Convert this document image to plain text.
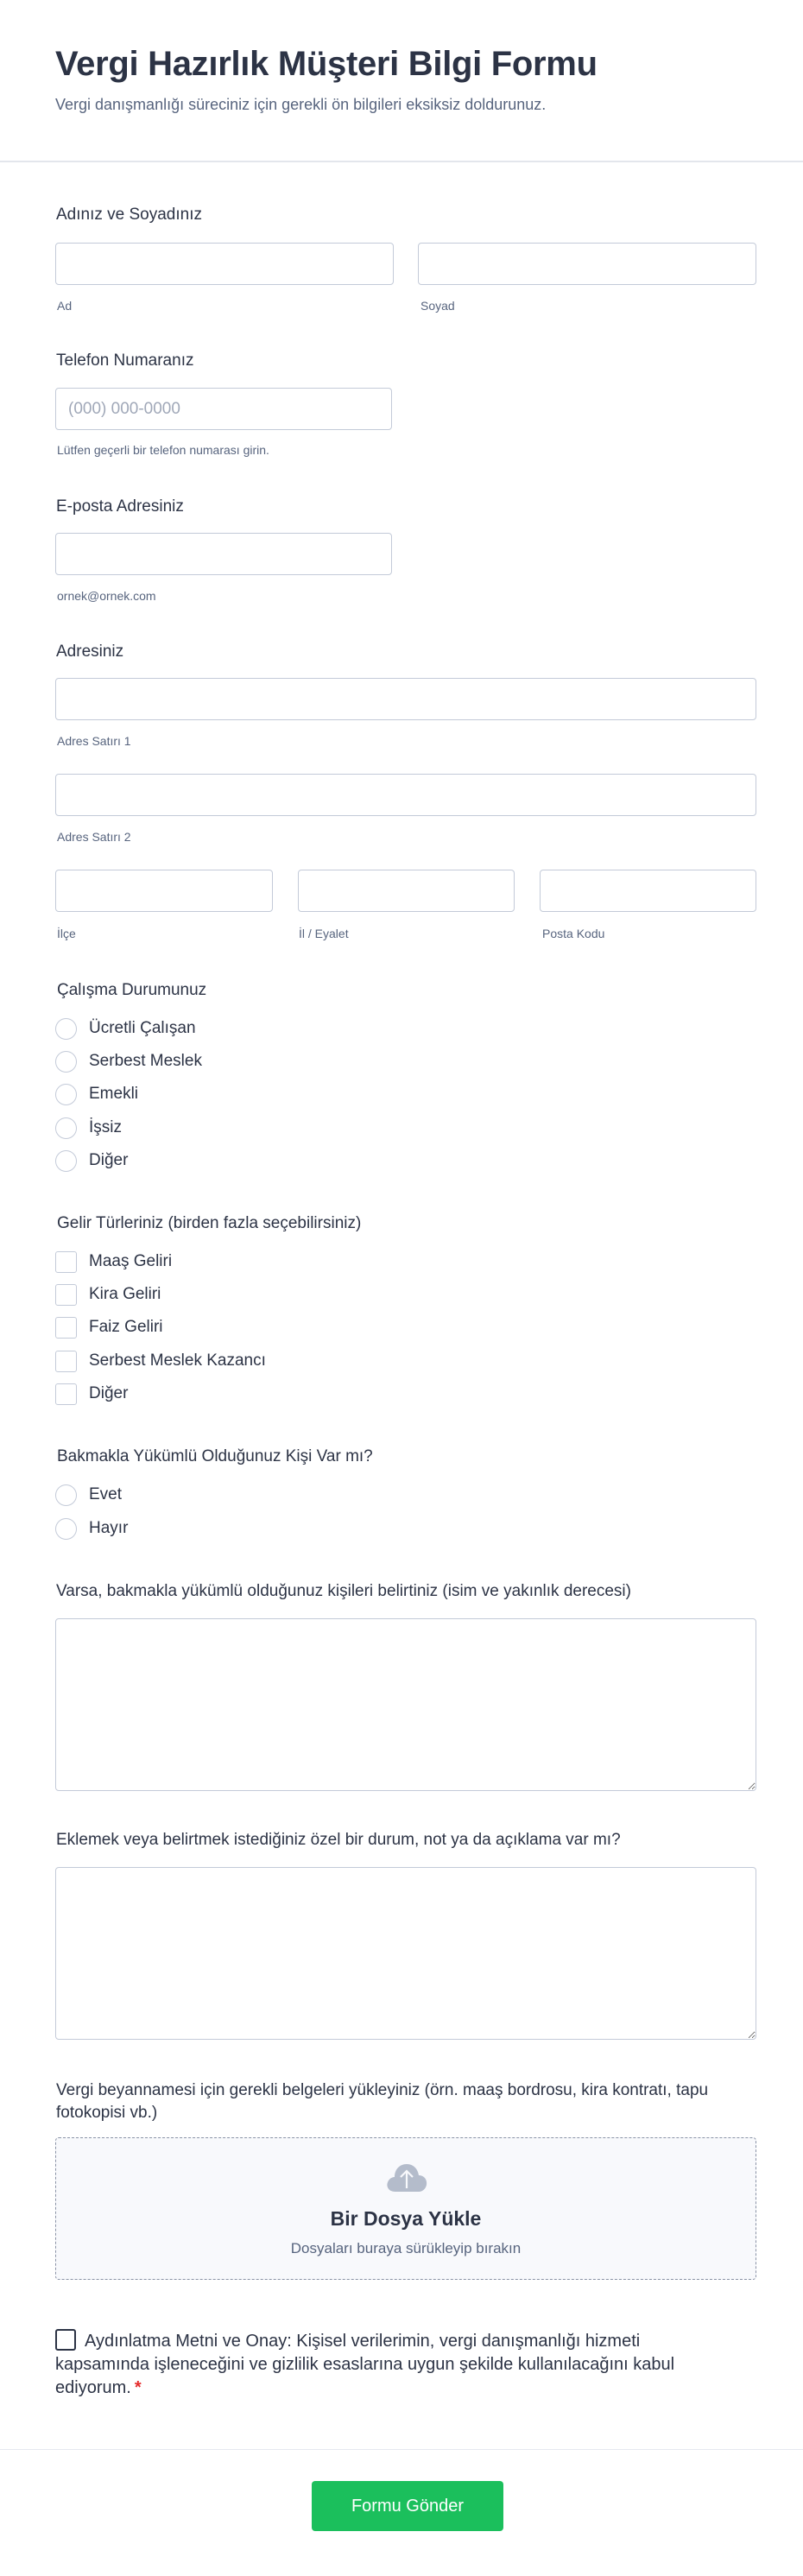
Vergi Hazırlık Müşteri Bilgi Formu

Vergi danışmanlığı süreciniz için gerekli ön bilgileri eksiksiz doldurunuz.

Adınız ve Soyadınız
Ad	Soyad
Telefon Numaranız
(000) 000-0000
Lütfen geçerli bir telefon numarası girin.
E-posta Adresiniz
ornek@ornek.com
Adresiniz
Adres Satırı 1
Adres Satırı 2
İlçe	İl / Eyalet	Posta Kodu
Çalışma Durumunuz
Ücretli Çalışan
Serbest Meslek
Emekli
İşsiz
Diğer
Gelir Türleriniz (birden fazla seçebilirsiniz)
Maaş Geliri
Kira Geliri
Faiz Geliri
Serbest Meslek Kazancı
Diğer
Bakmakla Yükümlü Olduğunuz Kişi Var mı?
Evet
Hayır
Varsa, bakmakla yükümlü olduğunuz kişileri belirtiniz (isim ve yakınlık derecesi)
Eklemek veya belirtmek istediğiniz özel bir durum, not ya da açıklama var mı?
Vergi beyannamesi için gerekli belgeleri yükleyiniz (örn. maaş bordrosu, kira kontratı, tapu fotokopisi vb.)
Bir Dosya Yükle
Dosyaları buraya sürükleyip bırakın
Aydınlatma Metni ve Onay: Kişisel verilerimin, vergi danışmanlığı hizmeti kapsamında işleneceğini ve gizlilik esaslarına uygun şekilde kullanılacağını kabul ediyorum. *
Formu Gönder
